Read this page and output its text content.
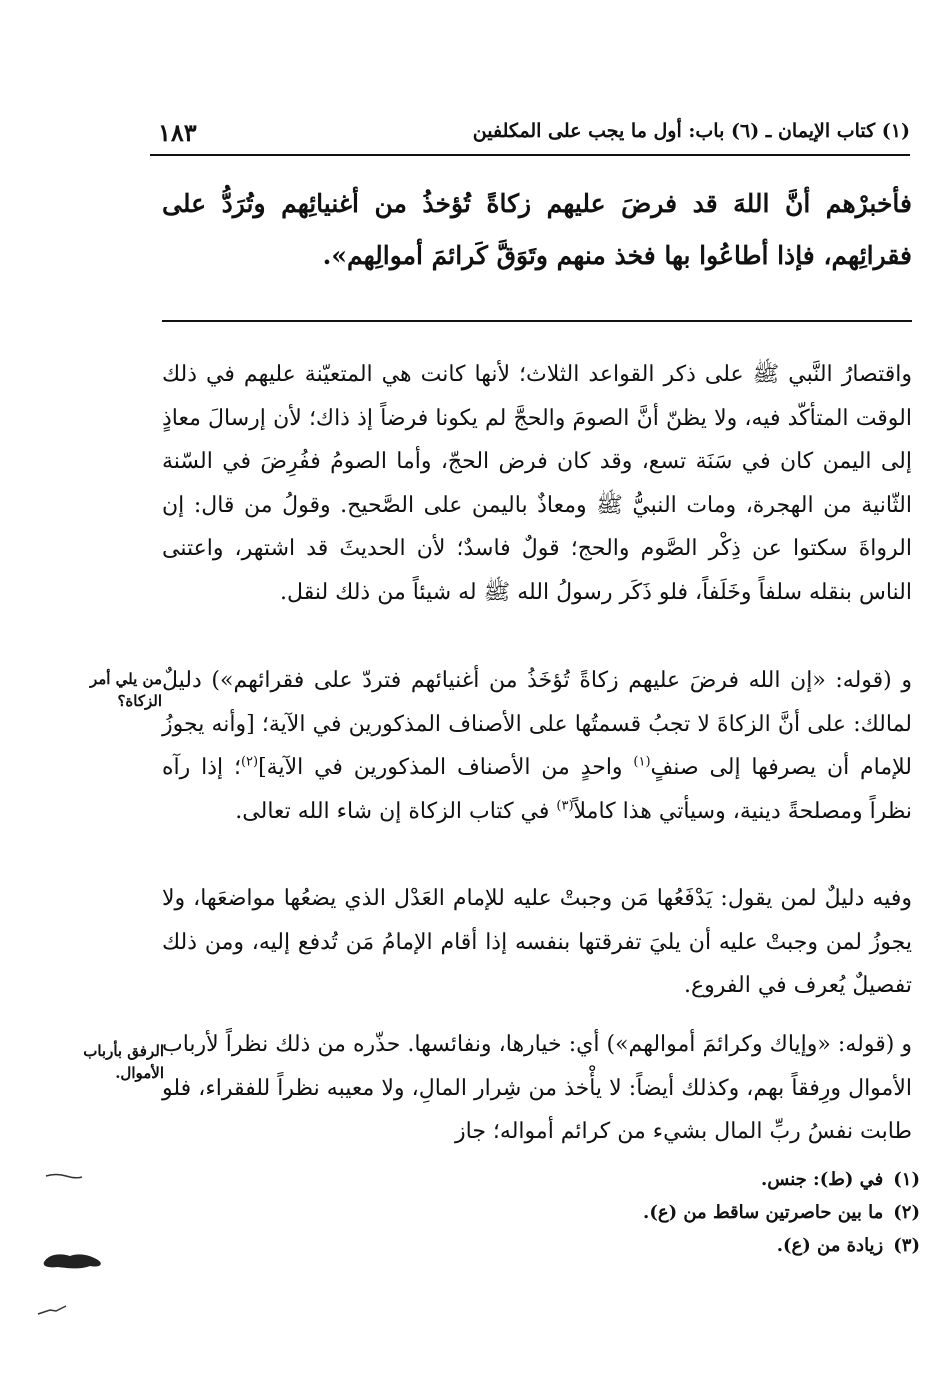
١٨٣	(١) كتاب الإيمان ـ (٦) باب: أول ما يجب على المكلفين
فأخبرْهم أنَّ اللهَ قد فرضَ عليهم زكاةً تُؤخذُ من أغنيائِهم وتُرَدُّ على فقرائِهم، فإذا أطاعُوا بها فخذ منهم وتَوَقَّ كَرائمَ أموالِهم».
واقتصارُ النَّبي ﷺ على ذكر القواعد الثلاث؛ لأنها كانت هي المتعيّنة عليهم في ذلك الوقت المتأكّد فيه، ولا يظنّ أنَّ الصومَ والحجَّ لم يكونا فرضاً إذ ذاك؛ لأن إرسالَ معاذٍ إلى اليمن كان في سَنَة تسع، وقد كان فرض الحجّ، وأما الصومُ ففُرِضَ في السّنة الثّانية من الهجرة، ومات النبيُّ ﷺ ومعاذٌ باليمن على الصَّحيح. وقولُ من قال: إن الرواةَ سكتوا عن ذِكْر الصَّوم والحج؛ قولٌ فاسدٌ؛ لأن الحديثَ قد اشتهر، واعتنى الناس بنقله سلفاً وخَلَفاً، فلو ذَكَر رسولُ الله ﷺ له شيئاً من ذلك لنقل.
و (قوله: «إن الله فرضَ عليهم زكاةً تُؤخَذُ من أغنيائهم فتردّ على فقرائهم») دليلٌ لمالك: على أنَّ الزكاةَ لا تجبُ قسمتُها على الأصناف المذكورين في الآية؛ [وأنه يجوزُ للإمام أن يصرفها إلى صنفٍ$^{(١)}$ واحدٍ من الأصناف المذكورين في الآية]$^{(٢)}$؛ إذا رآه نظراً ومصلحةً دينية، وسيأتي هذا كاملاً$^{(٣)}$ في كتاب الزكاة إن شاء الله تعالى.
من يلي أمر الزكاة؟
وفيه دليلٌ لمن يقول: يَدْفَعُها مَن وجبتْ عليه للإمام العَدْل الذي يضعُها مواضعَها، ولا يجوزُ لمن وجبتْ عليه أن يليَ تفرقتها بنفسه إذا أقام الإمامُ مَن تُدفع إليه، ومن ذلك تفصيلٌ يُعرف في الفروع.
و (قوله: «وإياك وكرائمَ أموالهم») أي: خيارها، ونفائسها. حذّره من ذلك نظراً لأرباب الأموال ورِفقاً بهم، وكذلك أيضاً: لا يأْخذ من شِرار المالِ، ولا معيبه نظراً للفقراء، فلو طابت نفسُ ربِّ المال بشيء من كرائم أمواله؛ جاز
الرفق بأرباب الأموال.
(١)في (ط): جنس.
(٢)ما بين حاصرتين ساقط من (ع).
(٣)زيادة من (ع).
